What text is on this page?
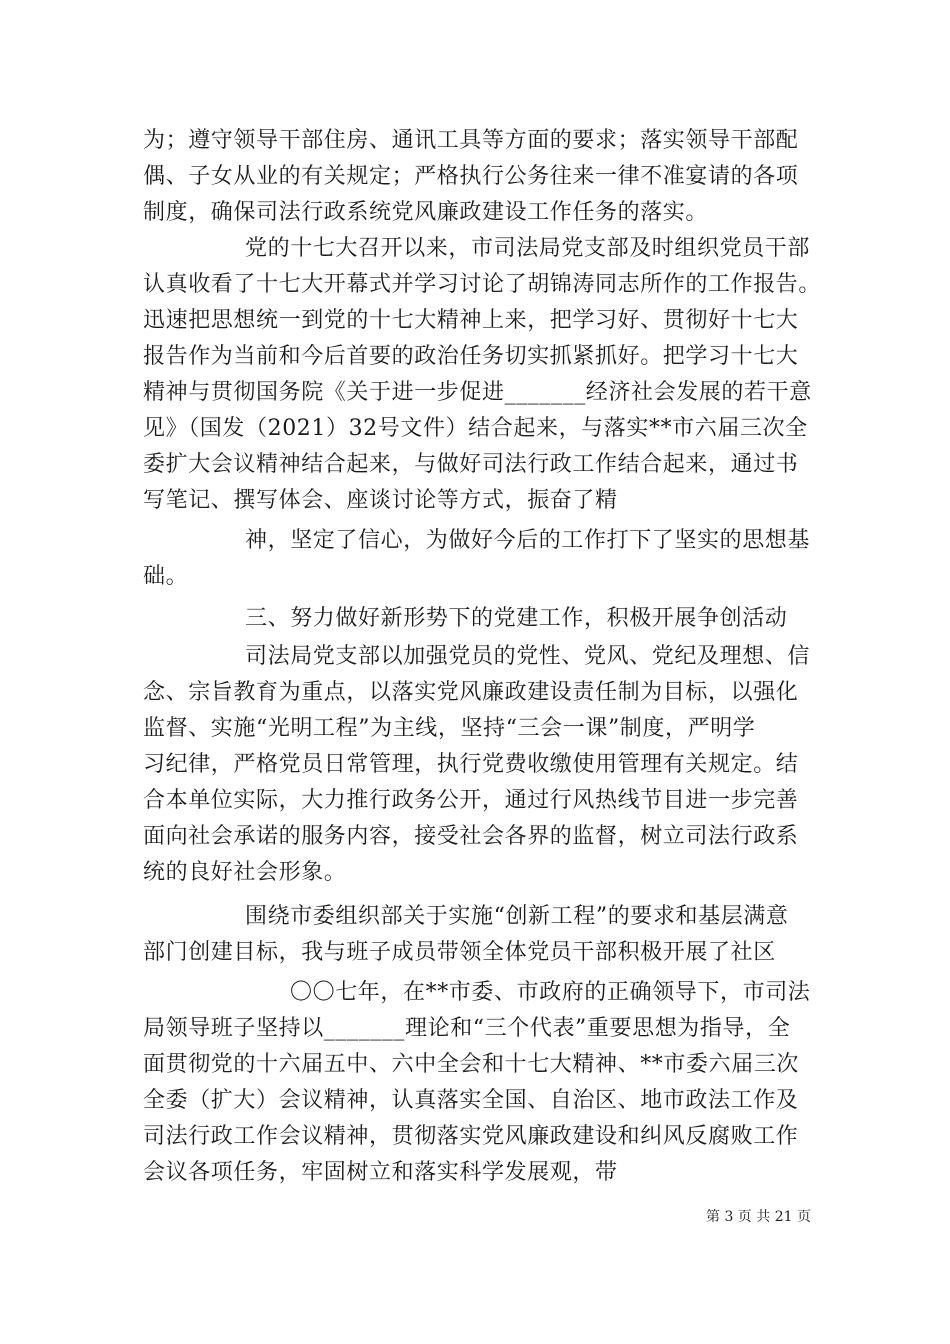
为；遵守领导干部住房、通讯工具等方面的要求；落实领导干部配
偶、子女从业的有关规定；严格执行公务往来一律不准宴请的各项
制度，确保司法行政系统党风廉政建设工作任务的落实。
党的十七大召开以来，市司法局党支部及时组织党员干部
认真收看了十七大开幕式并学习讨论了胡锦涛同志所作的工作报告。
迅速把思想统一到党的十七大精神上来，把学习好、贯彻好十七大
报告作为当前和今后首要的政治任务切实抓紧抓好。把学习十七大
精神与贯彻国务院《关于进一步促进_______经济社会发展的若干意
见》（国发（2021）32号文件）结合起来，与落实**市六届三次全
委扩大会议精神结合起来，与做好司法行政工作结合起来，通过书
写笔记、撰写体会、座谈讨论等方式，振奋了精
神，坚定了信心，为做好今后的工作打下了坚实的思想基
础。
三、努力做好新形势下的党建工作，积极开展争创活动
司法局党支部以加强党员的党性、党风、党纪及理想、信
念、宗旨教育为重点，以落实党风廉政建设责任制为目标，以强化
监督、实施“光明工程”为主线，坚持“三会一课”制度，严明学
习纪律，严格党员日常管理，执行党费收缴使用管理有关规定。结
合本单位实际，大力推行政务公开，通过行风热线节目进一步完善
面向社会承诺的服务内容，接受社会各界的监督，树立司法行政系
统的良好社会形象。
围绕市委组织部关于实施“创新工程”的要求和基层满意
部门创建目标，我与班子成员带领全体党员干部积极开展了社区
〇〇七年，在**市委、市政府的正确领导下，市司法
局领导班子坚持以_______理论和“三个代表”重要思想为指导，全
面贯彻党的十六届五中、六中全会和十七大精神、**市委六届三次
全委（扩大）会议精神，认真落实全国、自治区、地市政法工作及
司法行政工作会议精神，贯彻落实党风廉政建设和纠风反腐败工作
会议各项任务，牢固树立和落实科学发展观，带
第 3 页 共 21 页
